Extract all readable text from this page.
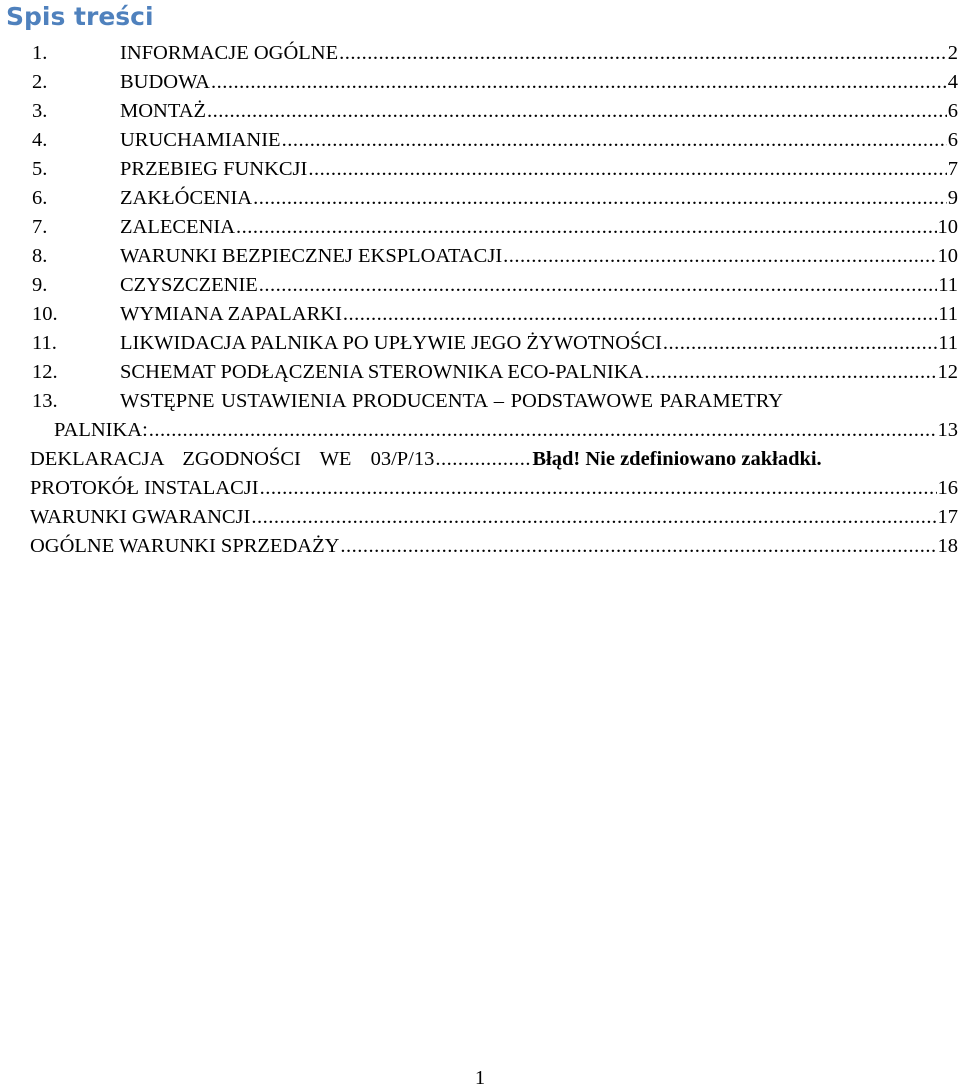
Spis treści
1.	INFORMACJE OGÓLNE .....	2
2.	BUDOWA .....	4
3.	MONTAŻ .....	6
4.	URUCHAMIANIE .....	6
5.	PRZEBIEG FUNKCJI .....	7
6.	ZAKŁÓCENIA .....	9
7.	ZALECENIA .....	10
8.	WARUNKI BEZPIECZNEJ EKSPLOATACJI .....	10
9.	CZYSZCZENIE .....	11
10.	WYMIANA ZAPALARKI .....	11
11.	LIKWIDACJA PALNIKA PO UPŁYWIE JEGO ŻYWOTNOŚCI .....	11
12.	SCHEMAT PODŁĄCZENIA STEROWNIKA ECO-PALNIKA .....	12
13.	WSTĘPNE USTAWIENIA PRODUCENTA – PODSTAWOWE PARAMETRY
PALNIKA: .....	13
DEKLARACJA ZGODNOŚCI WE 03/P/13 .....	Błąd! Nie zdefiniowano zakładki.
PROTOKÓŁ INSTALACJI .....	16
WARUNKI GWARANCJI .....	17
OGÓLNE WARUNKI SPRZEDAŻY .....	18
1
